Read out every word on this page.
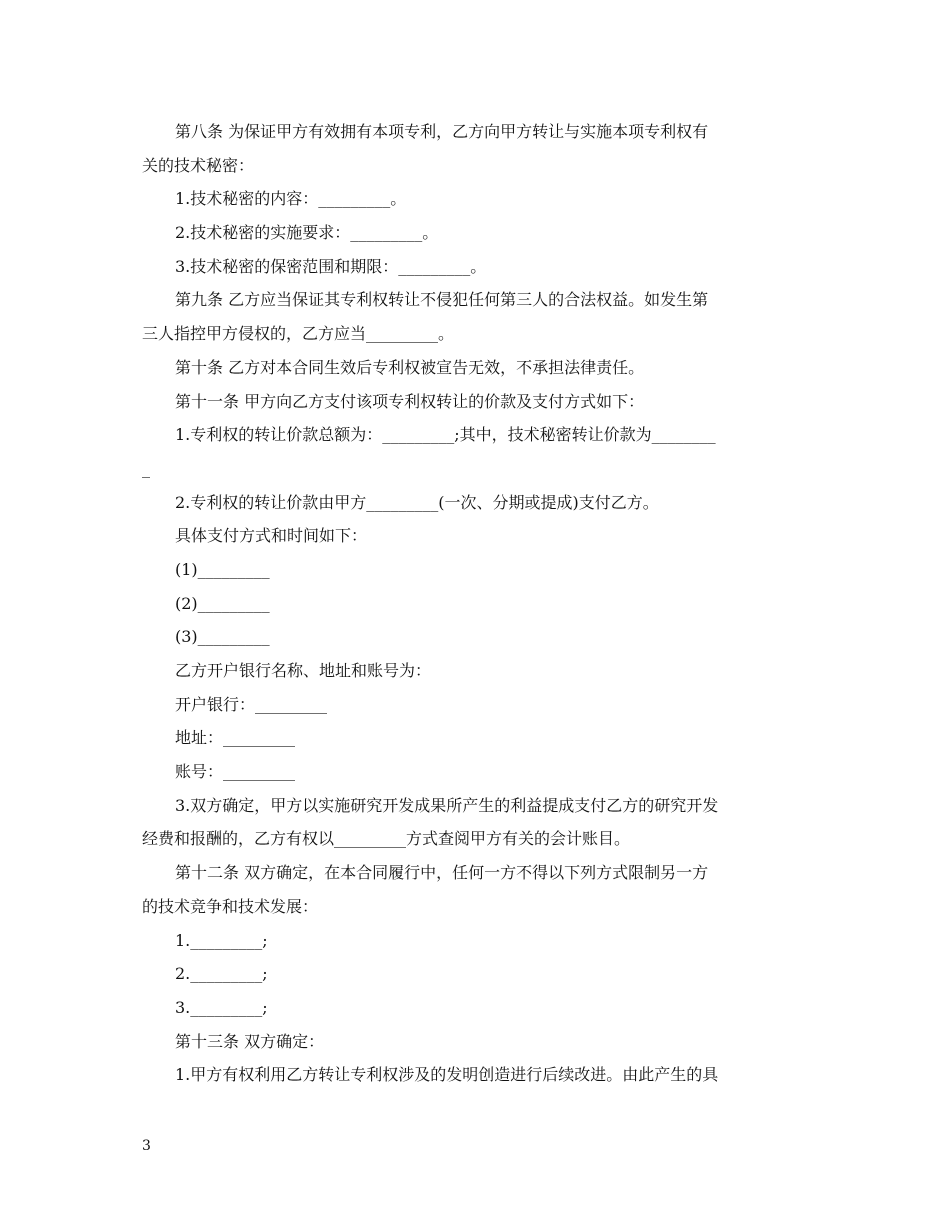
第八条 为保证甲方有效拥有本项专利，乙方向甲方转让与实施本项专利权有
关的技术秘密：
1.技术秘密的内容：_________。
2.技术秘密的实施要求：_________。
3.技术秘密的保密范围和期限：_________。
第九条 乙方应当保证其专利权转让不侵犯任何第三人的合法权益。如发生第
三人指控甲方侵权的，乙方应当_________。
第十条 乙方对本合同生效后专利权被宣告无效，不承担法律责任。
第十一条 甲方向乙方支付该项专利权转让的价款及支付方式如下：
1.专利权的转让价款总额为：_________;其中，技术秘密转让价款为________
_
2.专利权的转让价款由甲方_________(一次、分期或提成)支付乙方。
具体支付方式和时间如下：
(1)_________
(2)_________
(3)_________
乙方开户银行名称、地址和账号为：
开户银行：_________
地址：_________
账号：_________
3.双方确定，甲方以实施研究开发成果所产生的利益提成支付乙方的研究开发
经费和报酬的，乙方有权以_________方式查阅甲方有关的会计账目。
第十二条 双方确定，在本合同履行中，任何一方不得以下列方式限制另一方
的技术竞争和技术发展：
1._________;
2._________;
3._________;
第十三条 双方确定：
1.甲方有权利用乙方转让专利权涉及的发明创造进行后续改进。由此产生的具
3
